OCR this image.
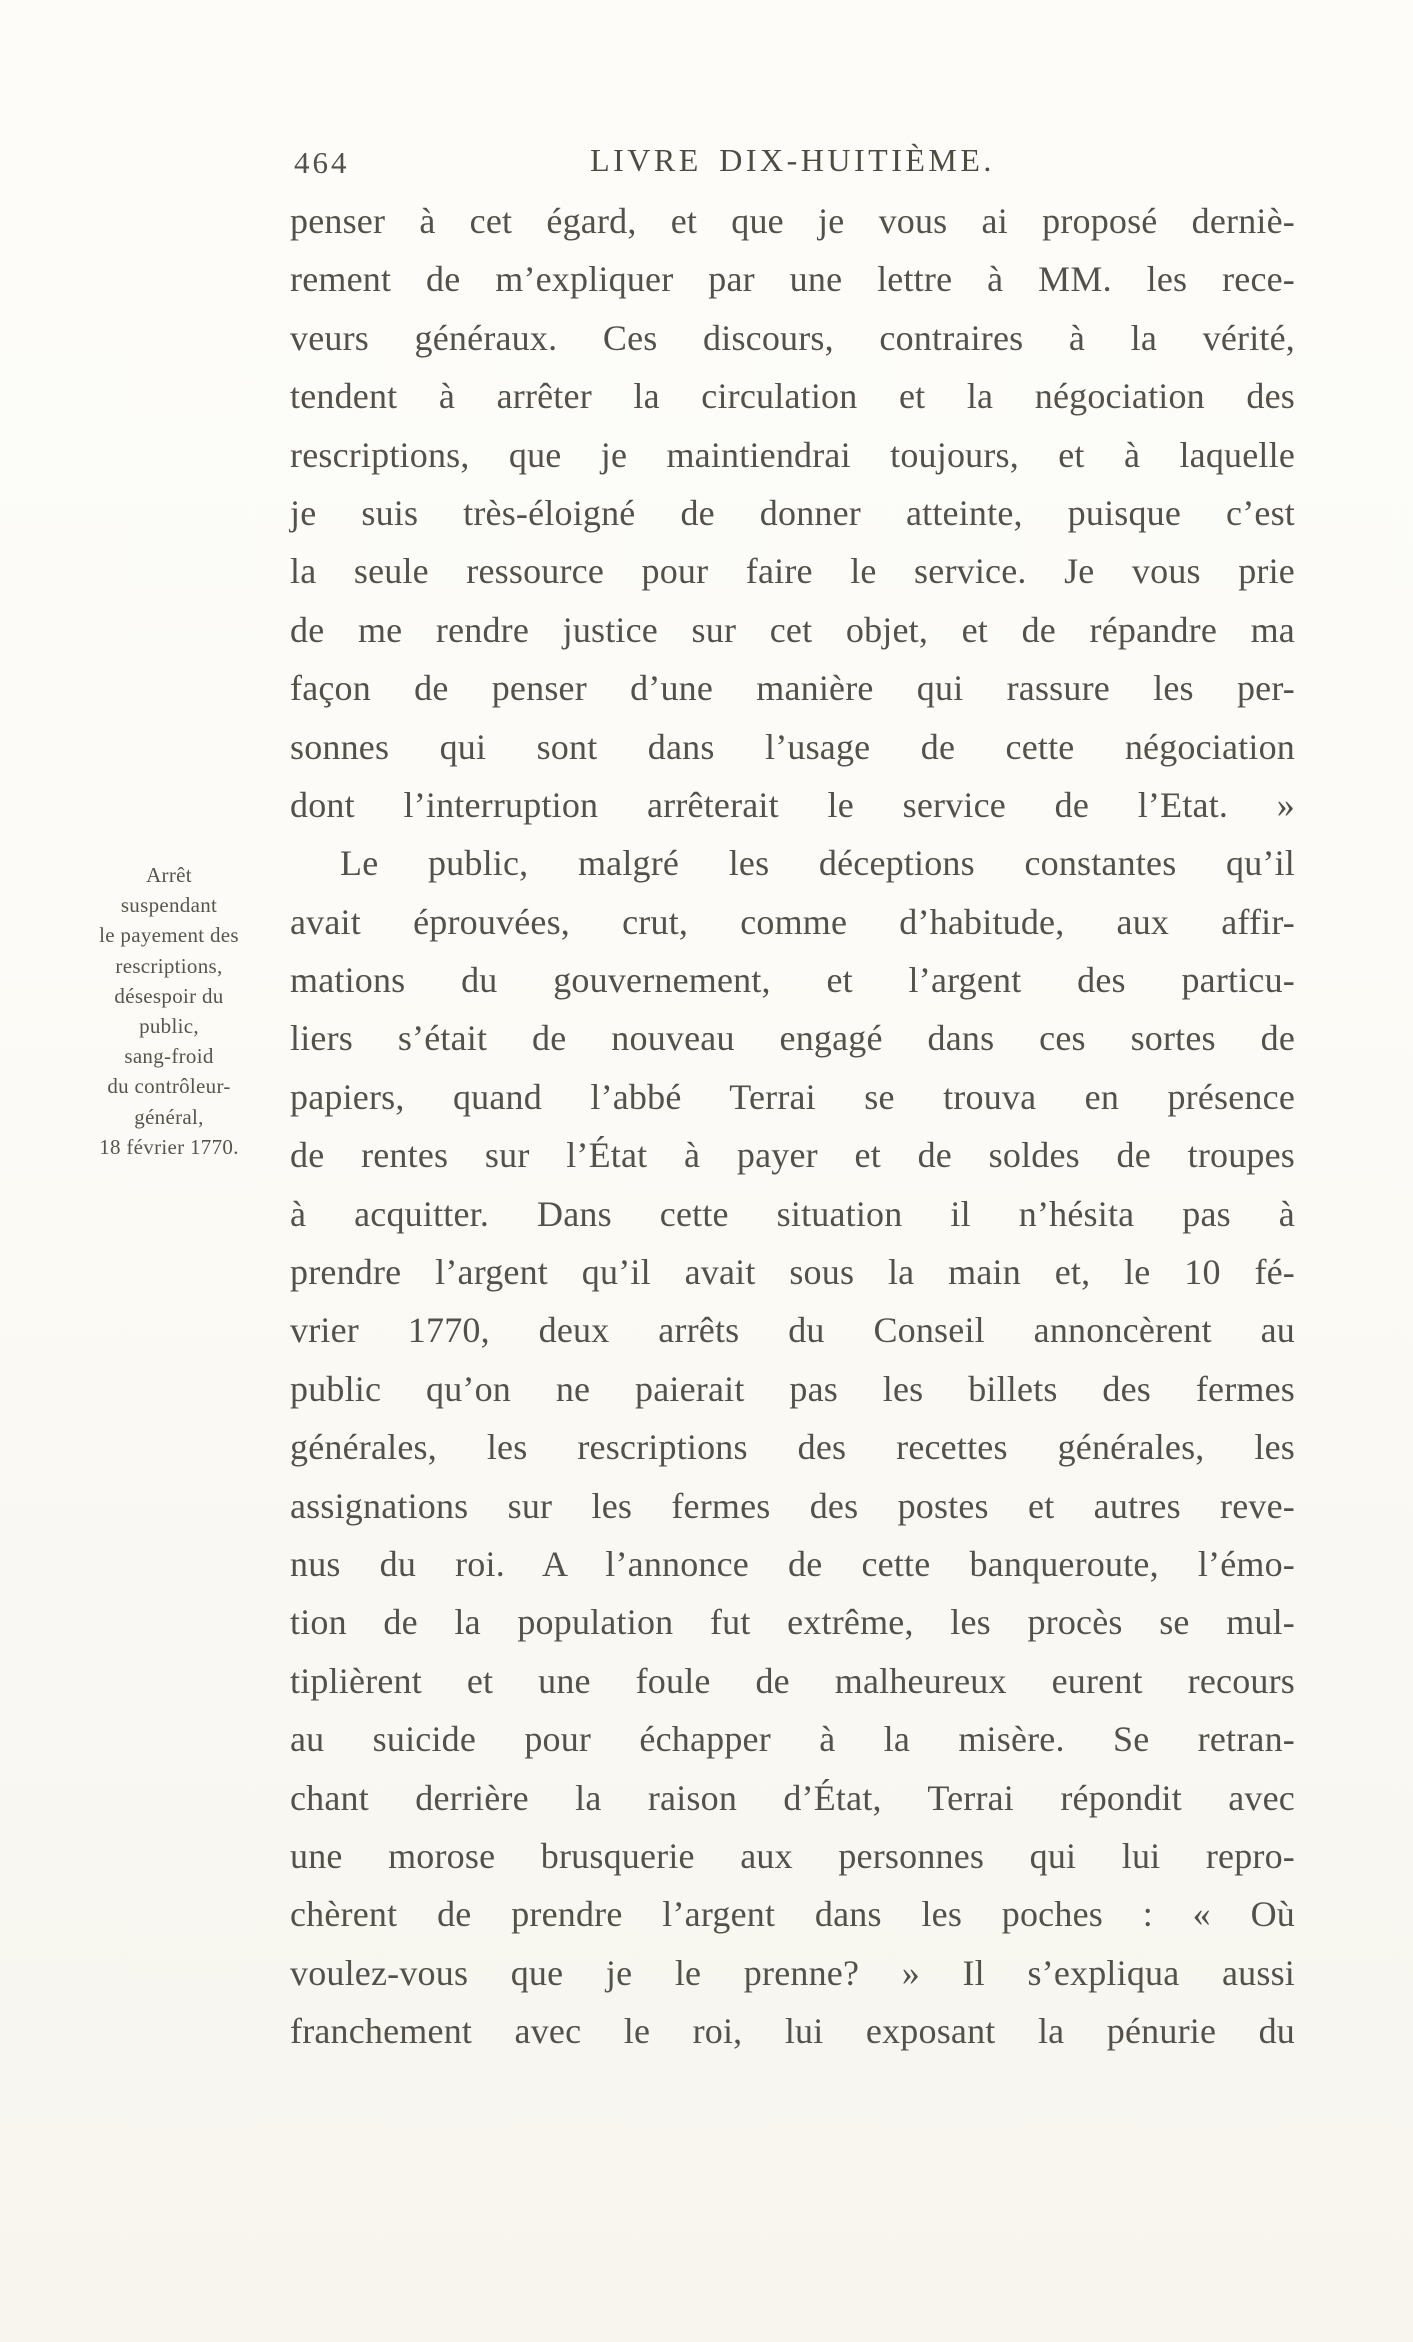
464	LIVRE DIX-HUITIÈME.
Arrêt
suspendant
le payement des
rescriptions,
désespoir du
public,
sang-froid
du contrôleur-
général,
18 février 1770.
penser à cet égard, et que je vous ai proposé derniè-
rement de m’expliquer par une lettre à MM. les rece-
veurs généraux. Ces discours, contraires à la vérité,
tendent à arrêter la circulation et la négociation des
rescriptions, que je maintiendrai toujours, et à laquelle
je suis très-éloigné de donner atteinte, puisque c’est
la seule ressource pour faire le service. Je vous prie
de me rendre justice sur cet objet, et de répandre ma
façon de penser d’une manière qui rassure les per-
sonnes qui sont dans l’usage de cette négociation
dont l’interruption arrêterait le service de l’Etat. »
Le public, malgré les déceptions constantes qu’il
avait éprouvées, crut, comme d’habitude, aux affir-
mations du gouvernement, et l’argent des particu-
liers s’était de nouveau engagé dans ces sortes de
papiers, quand l’abbé Terrai se trouva en présence
de rentes sur l’État à payer et de soldes de troupes
à acquitter. Dans cette situation il n’hésita pas à
prendre l’argent qu’il avait sous la main et, le 10 fé-
vrier 1770, deux arrêts du Conseil annoncèrent au
public qu’on ne paierait pas les billets des fermes
générales, les rescriptions des recettes générales, les
assignations sur les fermes des postes et autres reve-
nus du roi. A l’annonce de cette banqueroute, l’émo-
tion de la population fut extrême, les procès se mul-
tiplièrent et une foule de malheureux eurent recours
au suicide pour échapper à la misère. Se retran-
chant derrière la raison d’État, Terrai répondit avec
une morose brusquerie aux personnes qui lui repro-
chèrent de prendre l’argent dans les poches : « Où
voulez-vous que je le prenne? » Il s’expliqua aussi
franchement avec le roi, lui exposant la pénurie du
